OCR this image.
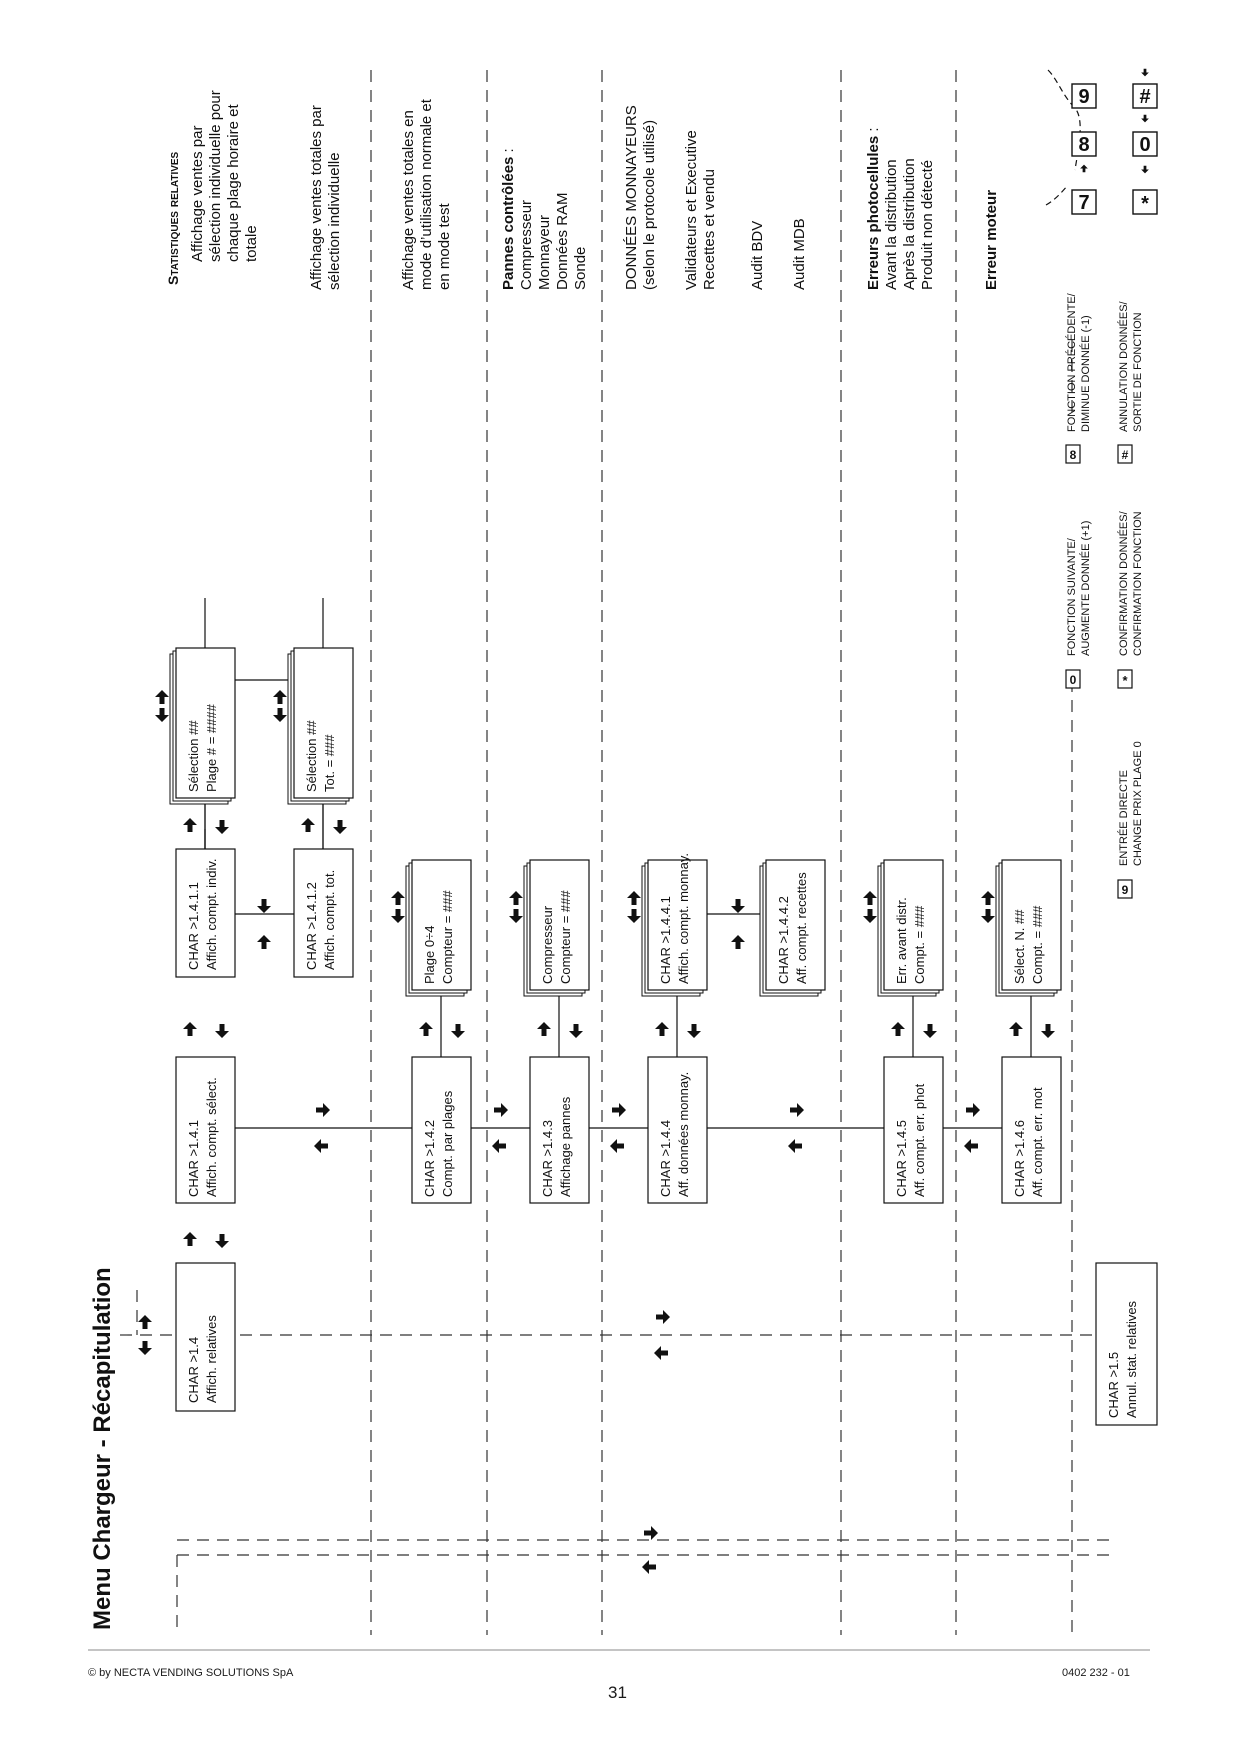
Menu Chargeur - Récapitulation	CHAR >1.4 Affich. relatives
CHAR >1.4.1 Affich. compt. sélect.
CHAR >1.4.1.1 Affich. compt. indiv.	CHAR >1.4.1.2 Affich. compt. tot.
Sélection ## Plage # = ####	Sélection ## Tot. = ###
CHAR >1.4.2 Compt. par plages
Plage 0÷4 Compteur = ###
CHAR >1.4.3 Affichage pannes
Compresseur Compteur = ###
CHAR >1.4.4 Aff. données monnay.
CHAR >1.4.4.1 Affich. compt. monnay.	CHAR >1.4.4.2 Aff. compt. recettes
CHAR >1.4.5 Aff. compt. err. phot
Err. avant distr. Compt. = ###
CHAR >1.4.6 Aff. compt. err. mot
Sélect. N. ## Compt. = ###
CHAR >1.5 Annul. stat. relatives
Statistiques relatives Affichage ventes par sélection individuelle pour chaque plage horaire et totale	Affichage ventes totales par sélection individuelle	Affichage ventes totales en mode d’utilisation normale et en mode test	Pannes contrôlées :
Compresseur Monnayeur Données RAM Sonde DONNÉES MONNAYEURS (selon le protocole utilisé) Validateurs et Executive Recettes et vendu Audit BDV Audit MDB	Erreurs photocellules :
Avant la distribution Après la distribution Produit non détecté	Erreur moteur
0
FONCTION SUIVANTE/ AUGMENTE DONNÉE (+1)
8
FONCTION PRÉCÉDENTE/ DIMINUE DONNÉE (-1)
*
CONFIRMATION DONNÉES/ CONFIRMATION FONCTION
#
ANNULATION DONNÉES/ SORTIE DE FONCTION
9
ENTRÉE DIRECTE CHANGE PRIX PLAGE 0
7
8
9
*
0
#
© by NECTA VENDING SOLUTIONS SpA
31
0402 232 - 01
